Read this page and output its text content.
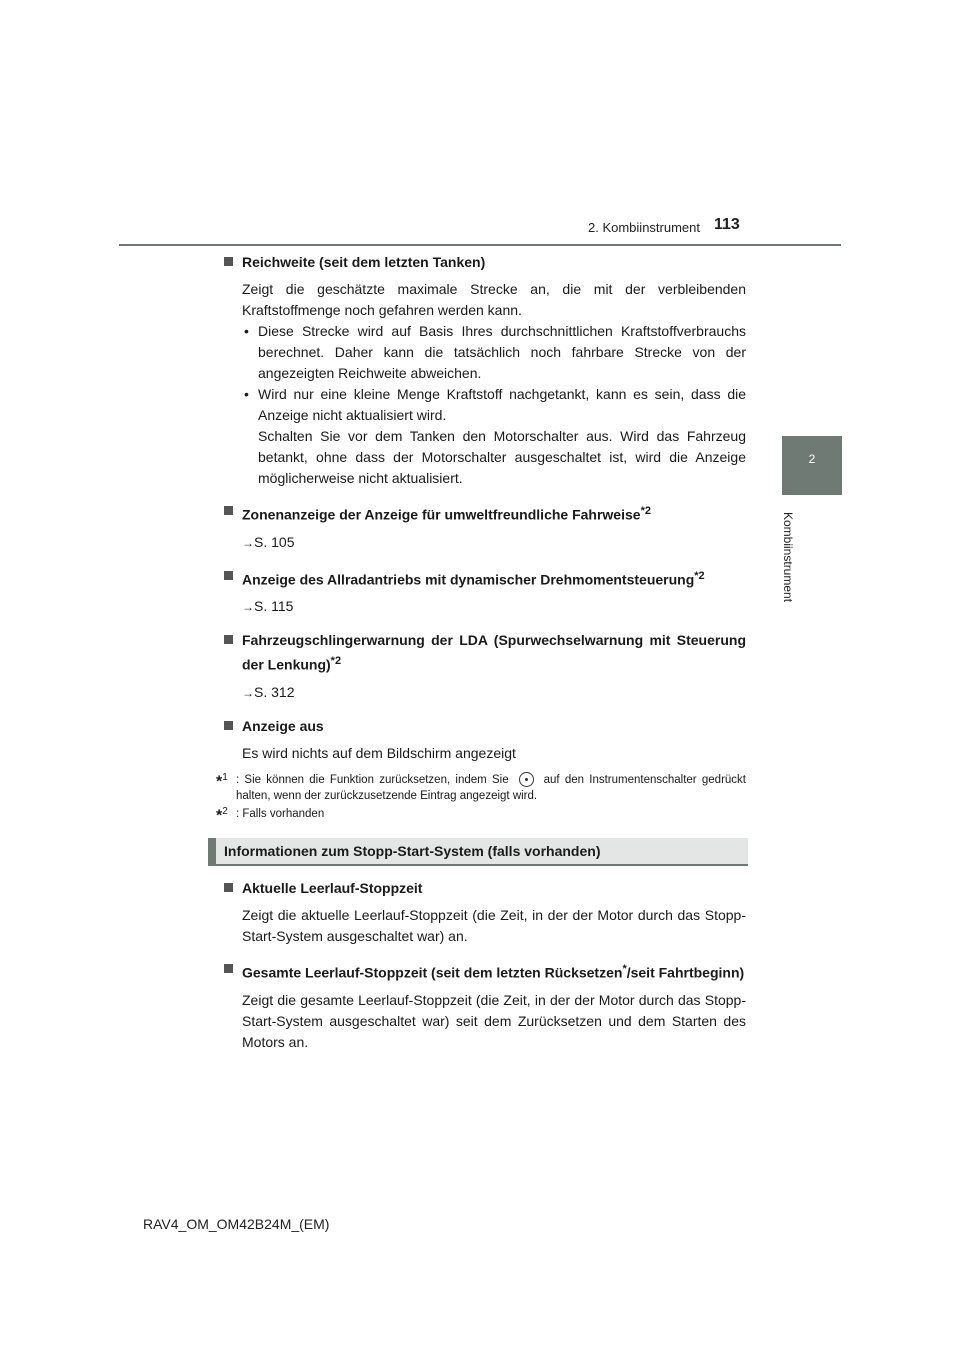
2. Kombiinstrument 113
2
Kombiinstrument
Reichweite (seit dem letzten Tanken)
Zeigt die geschätzte maximale Strecke an, die mit der verbleibenden Kraftstoffmenge noch gefahren werden kann.
• Diese Strecke wird auf Basis Ihres durchschnittlichen Kraftstoffverbrauchs berechnet. Daher kann die tatsächlich noch fahrbare Strecke von der angezeigten Reichweite abweichen.
• Wird nur eine kleine Menge Kraftstoff nachgetankt, kann es sein, dass die Anzeige nicht aktualisiert wird.
Schalten Sie vor dem Tanken den Motorschalter aus. Wird das Fahrzeug betankt, ohne dass der Motorschalter ausgeschaltet ist, wird die Anzeige möglicherweise nicht aktualisiert.
Zonenanzeige der Anzeige für umweltfreundliche Fahrweise$^{*2}$
→S. 105
Anzeige des Allradantriebs mit dynamischer Drehmomentsteuerung$^{*2}$
→S. 115
Fahrzeugschlingerwarnung der LDA (Spurwechselwarnung mit Steuerung der Lenkung)$^{*2}$
→S. 312
Anzeige aus
Es wird nichts auf dem Bildschirm angezeigt
*$^1$ : Sie können die Funktion zurücksetzen, indem Sie	auf den Instrumentenschalter gedrückt halten, wenn der zurückzusetzende Eintrag angezeigt wird.
*$^2$ : Falls vorhanden
Informationen zum Stopp-Start-System (falls vorhanden)
Aktuelle Leerlauf-Stoppzeit
Zeigt die aktuelle Leerlauf-Stoppzeit (die Zeit, in der der Motor durch das Stopp-Start-System ausgeschaltet war) an.
Gesamte Leerlauf-Stoppzeit (seit dem letzten Rücksetzen*/seit Fahrtbeginn)
Zeigt die gesamte Leerlauf-Stoppzeit (die Zeit, in der der Motor durch das Stopp-Start-System ausgeschaltet war) seit dem Zurücksetzen und dem Starten des Motors an.
RAV4_OM_OM42B24M_(EM)
